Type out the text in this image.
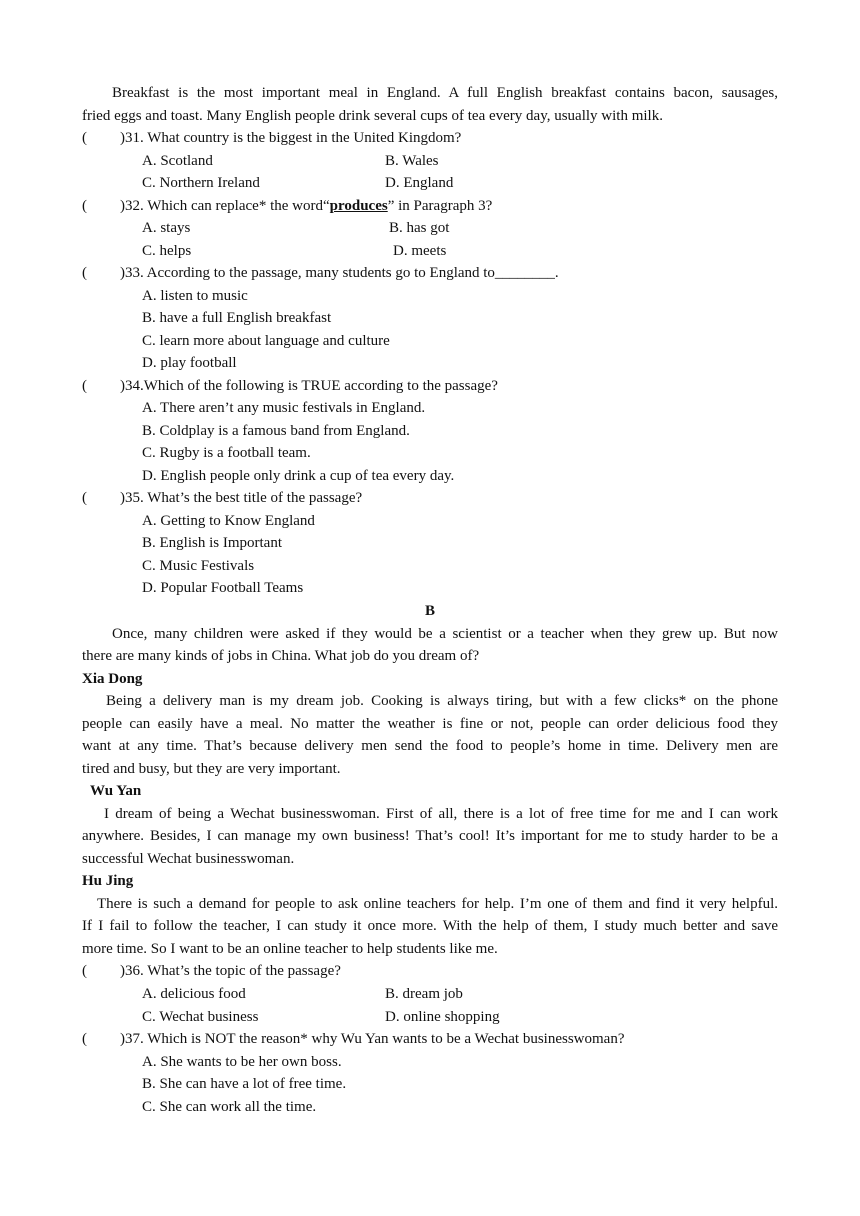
Breakfast is the most important meal in England. A full English breakfast contains bacon, sausages,
fried eggs and toast. Many English people drink several cups of tea every day, usually with milk.
( )31. What country is the biggest in the United Kingdom?
A. Scotland	B. Wales
C. Northern Ireland	D. England
( )32. Which can replace* the word“produces” in Paragraph 3?
A. stays	B. has got
C. helps	D. meets
( )33. According to the passage, many students go to England to________.
A. listen to music
B. have a full English breakfast
C. learn more about language and culture
D. play football
( )34.Which of the following is TRUE according to the passage?
A. There aren’t any music festivals in England.
B. Coldplay is a famous band from England.
C. Rugby is a football team.
D. English people only drink a cup of tea every day.
( )35. What’s the best title of the passage?
A. Getting to Know England
B. English is Important
C. Music Festivals
D. Popular Football Teams
B
Once, many children were asked if they would be a scientist or a teacher when they grew up. But now
there are many kinds of jobs in China. What job do you dream of?
Xia Dong
Being a delivery man is my dream job. Cooking is always tiring, but with a few clicks* on the phone
people can easily have a meal. No matter the weather is fine or not, people can order delicious food they
want at any time. That’s because delivery men send the food to people’s home in time. Delivery men are
tired and busy, but they are very important.
Wu Yan
I dream of being a Wechat businesswoman. First of all, there is a lot of free time for me and I can work
anywhere. Besides, I can manage my own business! That’s cool! It’s important for me to study harder to be a
successful Wechat businesswoman.
Hu Jing
There is such a demand for people to ask online teachers for help. I’m one of them and find it very helpful.
If I fail to follow the teacher, I can study it once more. With the help of them, I study much better and save
more time. So I want to be an online teacher to help students like me.
( )36. What’s the topic of the passage?
A. delicious food	B. dream job
C. Wechat business	D. online shopping
( )37. Which is NOT the reason* why Wu Yan wants to be a Wechat businesswoman?
A. She wants to be her own boss.
B. She can have a lot of free time.
C. She can work all the time.
